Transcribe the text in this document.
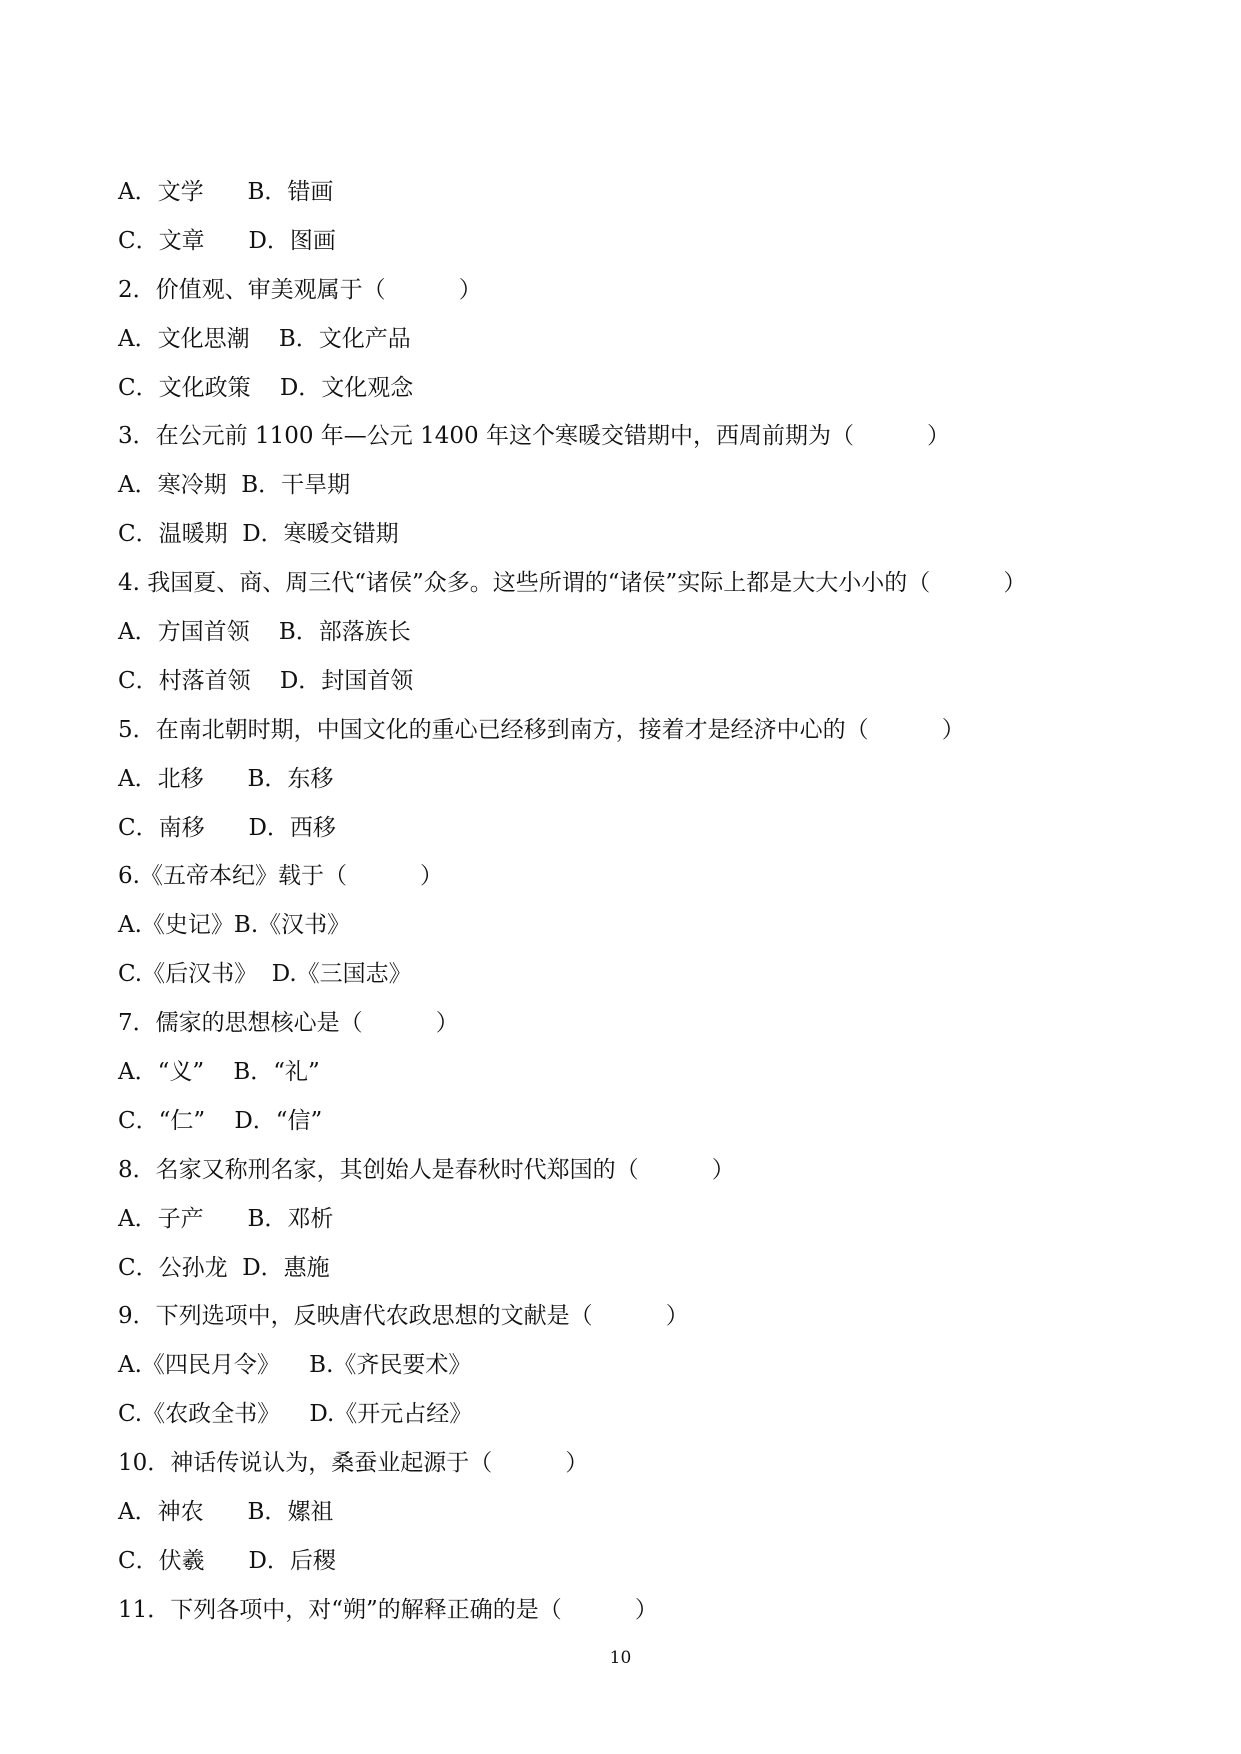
A．文学      B．错画
C．文章      D．图画
2．价值观、审美观属于（          ）
A．文化思潮    B．文化产品
C．文化政策    D．文化观念
3．在公元前 1100 年—公元 1400 年这个寒暖交错期中，西周前期为（          ）
A．寒冷期  B．干旱期
C．温暖期  D．寒暖交错期
4. 我国夏、商、周三代“诸侯”众多。这些所谓的“诸侯”实际上都是大大小小的（          ）
A．方国首领    B．部落族长
C．村落首领    D．封国首领
5．在南北朝时期，中国文化的重心已经移到南方，接着才是经济中心的（          ）
A．北移      B．东移
C．南移      D．西移
6.《五帝本纪》载于（          ）
A.《史记》B.《汉书》
C.《后汉书》  D.《三国志》
7．儒家的思想核心是（          ）
A．“义”    B．“礼”
C．“仁”    D．“信”
8．名家又称刑名家，其创始人是春秋时代郑国的（          ）
A．子产      B．邓析
C．公孙龙  D．惠施
9．下列选项中，反映唐代农政思想的文献是（          ）
A.《四民月令》    B.《齐民要术》
C.《农政全书》    D.《开元占经》
10．神话传说认为，桑蚕业起源于（          ）
A．神农      B．嫘祖
C．伏羲      D．后稷
11．下列各项中，对“朔”的解释正确的是（          ）
10
